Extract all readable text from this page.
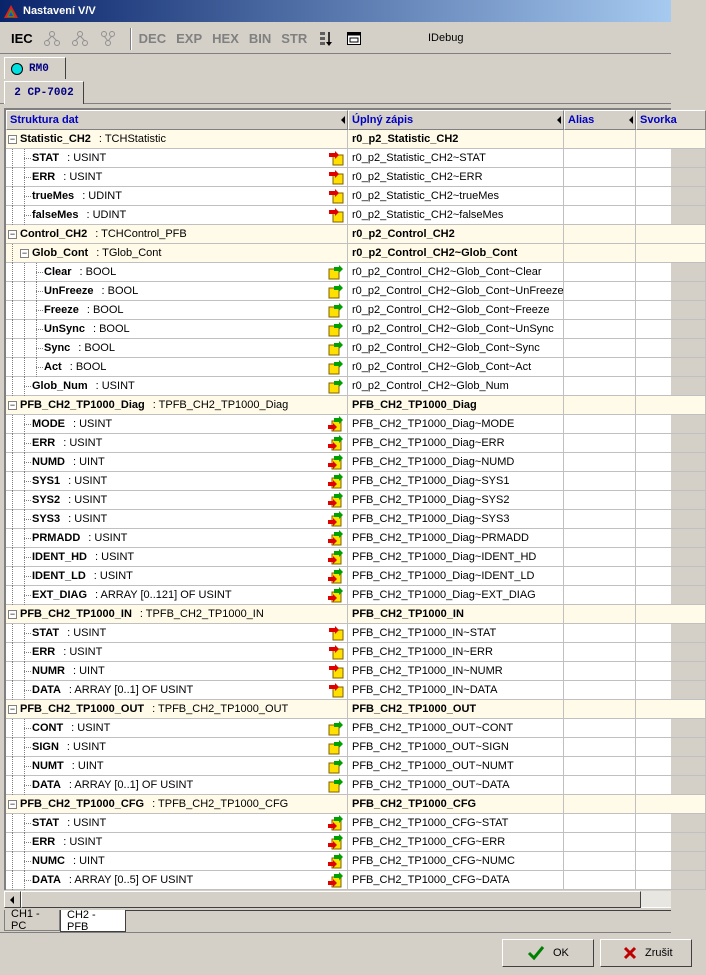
Nastavení V/V
IEC	DEC EXP HEX BIN STR	IDebug
RM0
2 CP-7002
Struktura dat	Úplný zápis	Alias	Svorka
− Statistic_CH2 : TCHStatistic	r0_p2_Statistic_CH2
STAT : USINT	r0_p2_Statistic_CH2~STAT
ERR : USINT	r0_p2_Statistic_CH2~ERR
trueMes : UDINT	r0_p2_Statistic_CH2~trueMes
falseMes : UDINT	r0_p2_Statistic_CH2~falseMes
− Control_CH2 : TCHControl_PFB	r0_p2_Control_CH2
− Glob_Cont : TGlob_Cont	r0_p2_Control_CH2~Glob_Cont
Clear : BOOL	r0_p2_Control_CH2~Glob_Cont~Clear
UnFreeze : BOOL	r0_p2_Control_CH2~Glob_Cont~UnFreeze
Freeze : BOOL	r0_p2_Control_CH2~Glob_Cont~Freeze
UnSync : BOOL	r0_p2_Control_CH2~Glob_Cont~UnSync
Sync : BOOL	r0_p2_Control_CH2~Glob_Cont~Sync
Act : BOOL	r0_p2_Control_CH2~Glob_Cont~Act
Glob_Num : USINT	r0_p2_Control_CH2~Glob_Num
− PFB_CH2_TP1000_Diag : TPFB_CH2_TP1000_Diag	PFB_CH2_TP1000_Diag
MODE : USINT	PFB_CH2_TP1000_Diag~MODE
ERR : USINT	PFB_CH2_TP1000_Diag~ERR
NUMD : UINT	PFB_CH2_TP1000_Diag~NUMD
SYS1 : USINT	PFB_CH2_TP1000_Diag~SYS1
SYS2 : USINT	PFB_CH2_TP1000_Diag~SYS2
SYS3 : USINT	PFB_CH2_TP1000_Diag~SYS3
PRMADD : USINT	PFB_CH2_TP1000_Diag~PRMADD
IDENT_HD : USINT	PFB_CH2_TP1000_Diag~IDENT_HD
IDENT_LD : USINT	PFB_CH2_TP1000_Diag~IDENT_LD
EXT_DIAG : ARRAY [0..121] OF USINT	PFB_CH2_TP1000_Diag~EXT_DIAG
− PFB_CH2_TP1000_IN : TPFB_CH2_TP1000_IN	PFB_CH2_TP1000_IN
STAT : USINT	PFB_CH2_TP1000_IN~STAT
ERR : USINT	PFB_CH2_TP1000_IN~ERR
NUMR : UINT	PFB_CH2_TP1000_IN~NUMR
DATA : ARRAY [0..1] OF USINT	PFB_CH2_TP1000_IN~DATA
− PFB_CH2_TP1000_OUT : TPFB_CH2_TP1000_OUT	PFB_CH2_TP1000_OUT
CONT : USINT	PFB_CH2_TP1000_OUT~CONT
SIGN : USINT	PFB_CH2_TP1000_OUT~SIGN
NUMT : UINT	PFB_CH2_TP1000_OUT~NUMT
DATA : ARRAY [0..1] OF USINT	PFB_CH2_TP1000_OUT~DATA
− PFB_CH2_TP1000_CFG : TPFB_CH2_TP1000_CFG	PFB_CH2_TP1000_CFG
STAT : USINT	PFB_CH2_TP1000_CFG~STAT
ERR : USINT	PFB_CH2_TP1000_CFG~ERR
NUMC : UINT	PFB_CH2_TP1000_CFG~NUMC
DATA : ARRAY [0..5] OF USINT	PFB_CH2_TP1000_CFG~DATA
CH1 - PC
CH2 - PFB
OK	Zrušit
